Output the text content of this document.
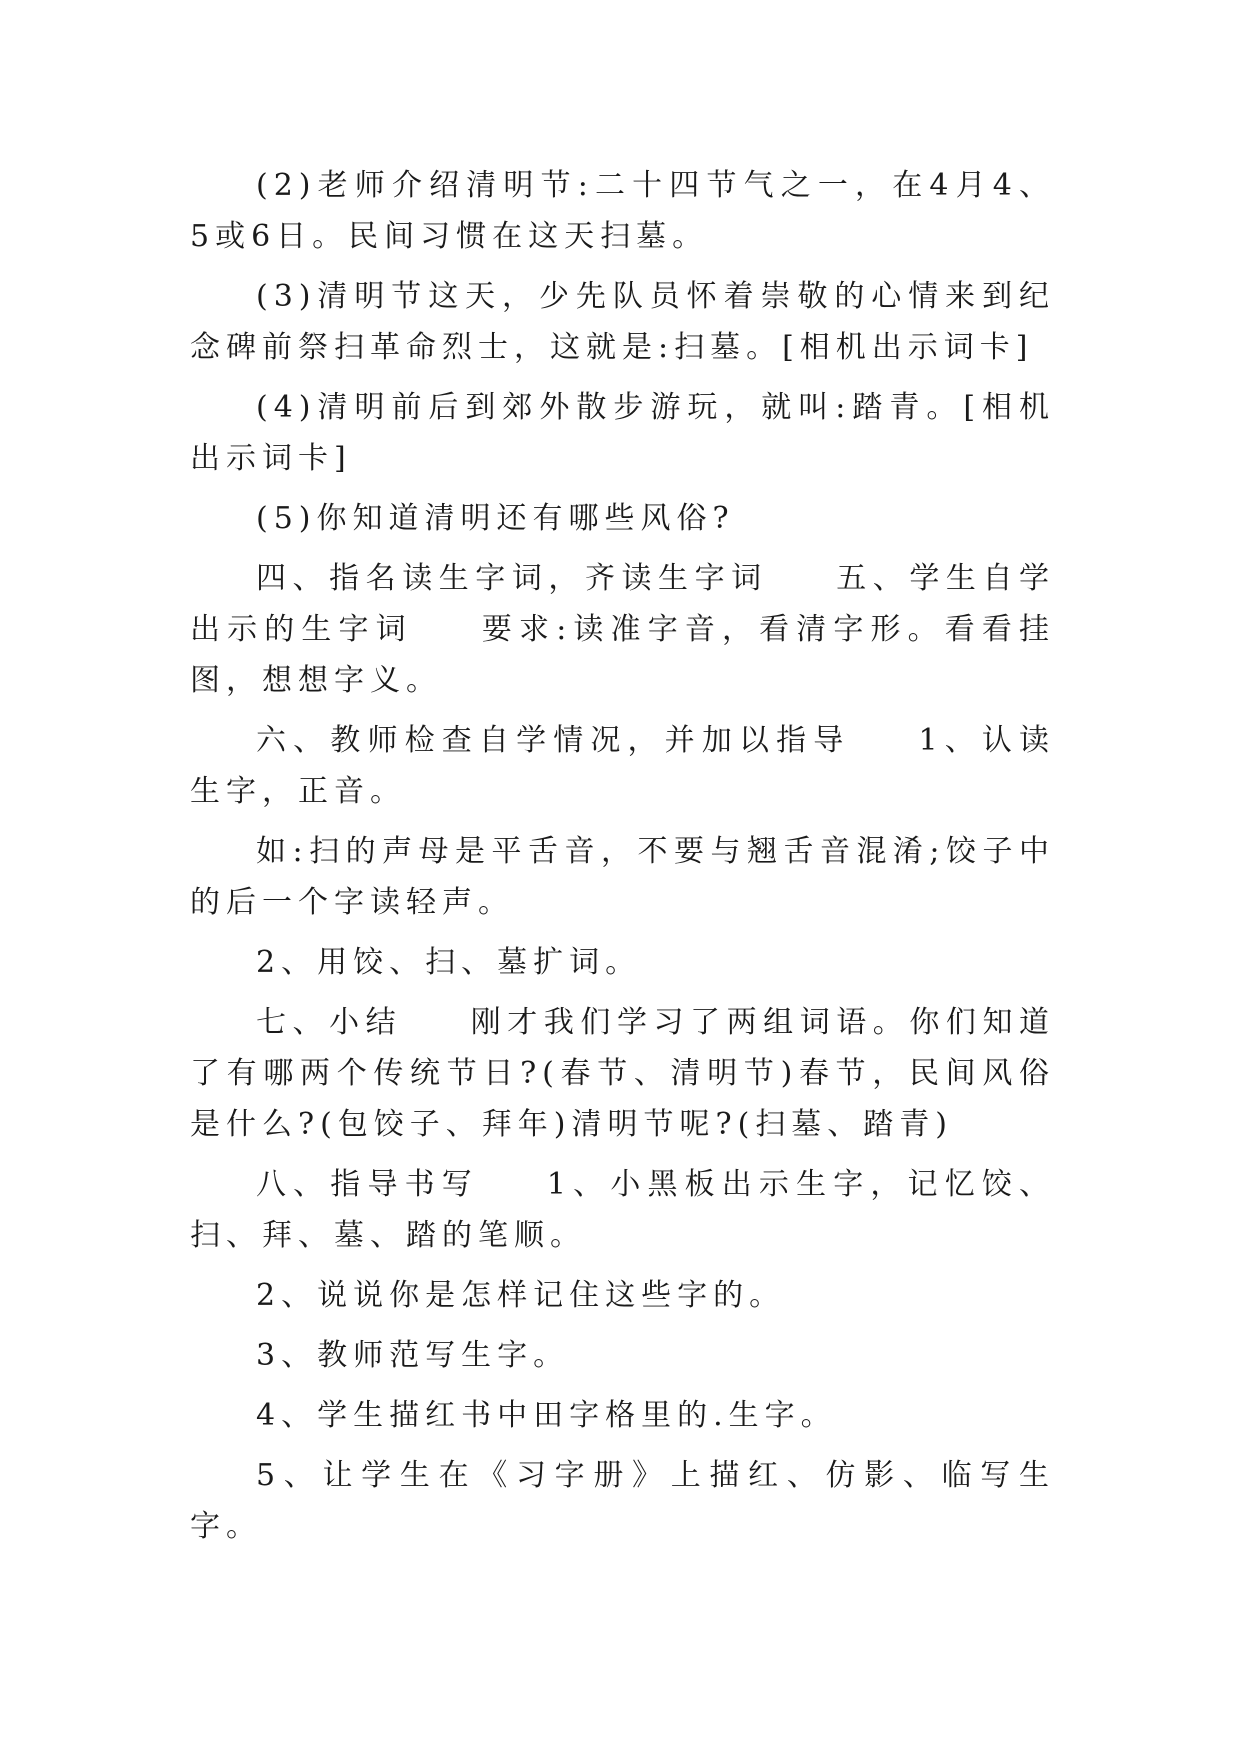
(2)老师介绍清明节:二十四节气之一，在4月4、5或6日。民间习惯在这天扫墓。

(3)清明节这天，少先队员怀着崇敬的心情来到纪念碑前祭扫革命烈士，这就是:扫墓。[相机出示词卡]

(4)清明前后到郊外散步游玩，就叫:踏青。[相机出示词卡]

(5)你知道清明还有哪些风俗?

四、指名读生字词，齐读生字词 五、学生自学出示的生字词 要求:读准字音，看清字形。看看挂图，想想字义。

六、教师检查自学情况，并加以指导 1、认读生字，正音。

如:扫的声母是平舌音，不要与翘舌音混淆;饺子中的后一个字读轻声。

2、用饺、扫、墓扩词。

七、小结 刚才我们学习了两组词语。你们知道了有哪两个传统节日?(春节、清明节)春节，民间风俗是什么?(包饺子、拜年)清明节呢?(扫墓、踏青)

八、指导书写 1、小黑板出示生字，记忆饺、扫、拜、墓、踏的笔顺。

2、说说你是怎样记住这些字的。

3、教师范写生字。

4、学生描红书中田字格里的.生字。

5、让学生在《习字册》上描红、仿影、临写生字。
